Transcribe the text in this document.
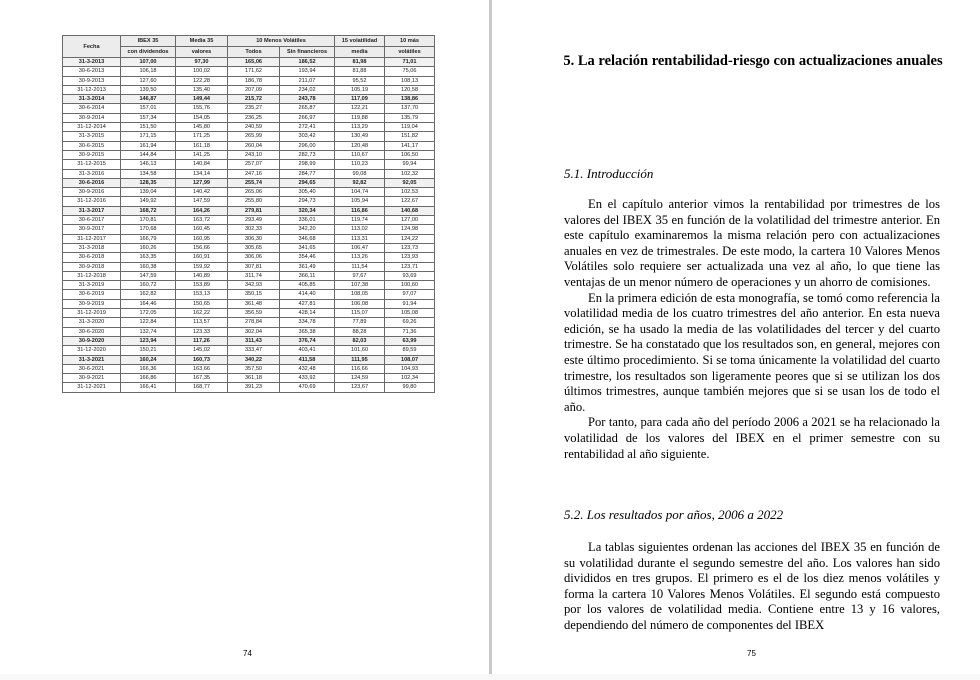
Fecha	IBEX 35	Media 35	10 Menos Volátiles		15 volatilidad	10 más
	con dividendos	valores	Todos	Sin financieros	media	volátiles
31-3-2013	107,00	97,30	165,06	186,52	81,98	71,01
30-6-2013	106,18	100,02	171,62	193,94	81,88	75,06
30-9-2013	127,60	122,28	186,78	211,07	95,52	108,13
31-12-2013	139,50	135,40	207,09	234,02	105,19	120,58
31-3-2014	146,87	149,44	215,72	243,78	117,09	138,86
30-6-2014	157,01	155,76	235,27	265,87	122,21	137,70
30-9-2014	157,34	154,05	236,25	266,97	119,88	135,79
31-12-2014	151,50	145,80	240,59	272,41	113,29	119,04
31-3-2015	171,15	171,25	265,99	303,42	130,49	151,82
30-6-2015	161,94	161,18	260,04	296,00	120,48	141,17
30-9-2015	144,84	141,25	243,10	282,73	110,67	106,50
31-12-2015	146,13	140,84	257,07	298,99	110,23	99,94
31-3-2016	134,58	134,14	247,16	284,77	99,08	102,32
30-6-2016	128,35	127,99	255,74	294,65	92,82	92,05
30-9-2016	139,04	140,42	265,06	305,40	104,74	102,53
31-12-2016	149,92	147,59	255,80	294,73	105,94	122,67
31-3-2017	168,72	164,26	279,81	320,34	116,86	140,68
30-6-2017	170,81	163,72	293,49	336,01	119,74	127,00
30-9-2017	170,68	160,45	302,33	342,20	113,02	124,98
31-12-2017	166,79	160,95	306,30	346,68	113,31	124,22
31-3-2018	160,26	156,66	305,65	341,65	106,47	123,73
30-6-2018	163,35	160,91	306,06	354,46	113,26	123,93
30-9-2018	160,38	159,92	307,81	361,49	111,54	123,71
31-12-2018	147,59	140,89	311,74	366,11	97,67	93,69
31-3-2019	160,72	153,89	342,93	405,85	107,38	100,60
30-6-2019	162,82	153,13	350,15	414,40	108,05	97,07
30-9-2019	164,46	150,65	361,48	427,81	106,08	91,94
31-12-2019	172,05	162,22	356,59	428,14	115,07	105,08
31-3-2020	122,84	113,57	278,84	334,78	77,89	69,26
30-6-2020	132,74	123,33	302,04	365,38	88,28	71,36
30-9-2020	123,94	117,26	311,43	376,74	82,03	63,99
31-12-2020	150,21	145,02	333,47	403,41	101,60	89,59
31-3-2021	160,24	160,73	340,22	411,58	111,95	108,07
30-6-2021	166,36	163,66	357,50	432,48	116,66	104,93
30-9-2021	166,86	167,35	361,18	433,92	124,59	102,34
31-12-2021	166,41	168,77	391,23	470,69	123,67	99,80
74
5. La relación rentabilidad-riesgo con actualizaciones anuales
5.1. Introducción

En el capítulo anterior vimos la rentabilidad por trimestres de los valores del IBEX 35 en función de la volatilidad del trimestre anterior. En este capítulo examinaremos la misma relación pero con actualizaciones anuales en vez de trimestrales. De este modo, la cartera 10 Valores Menos Volátiles solo requiere ser actualizada una vez al año, lo que tiene las ventajas de un menor número de operaciones y un ahorro de comisiones.

En la primera edición de esta monografía, se tomó como referencia la volatilidad media de los cuatro trimestres del año anterior. En esta nueva edición, se ha usado la media de las volatilidades del tercer y del cuarto trimestre. Se ha constatado que los resultados son, en general, mejores con este último procedimiento. Si se toma únicamente la volatilidad del cuarto trimestre, los resultados son ligeramente peores que si se utilizan los dos últimos trimestres, aunque también mejores que si se usan los de todo el año.

Por tanto, para cada año del período 2006 a 2021 se ha relacionado la volatilidad de los valores del IBEX en el primer semestre con su rentabilidad al año siguiente.

5.2. Los resultados por años, 2006 a 2022

La tablas siguientes ordenan las acciones del IBEX 35 en función de su volatilidad durante el segundo semestre del año. Los valores han sido divididos en tres grupos. El primero es el de los diez menos volátiles y forma la cartera 10 Valores Menos Volátiles. El segundo está compuesto por los valores de volatilidad media. Contiene entre 13 y 16 valores, dependiendo del número de componentes del IBEX

75
